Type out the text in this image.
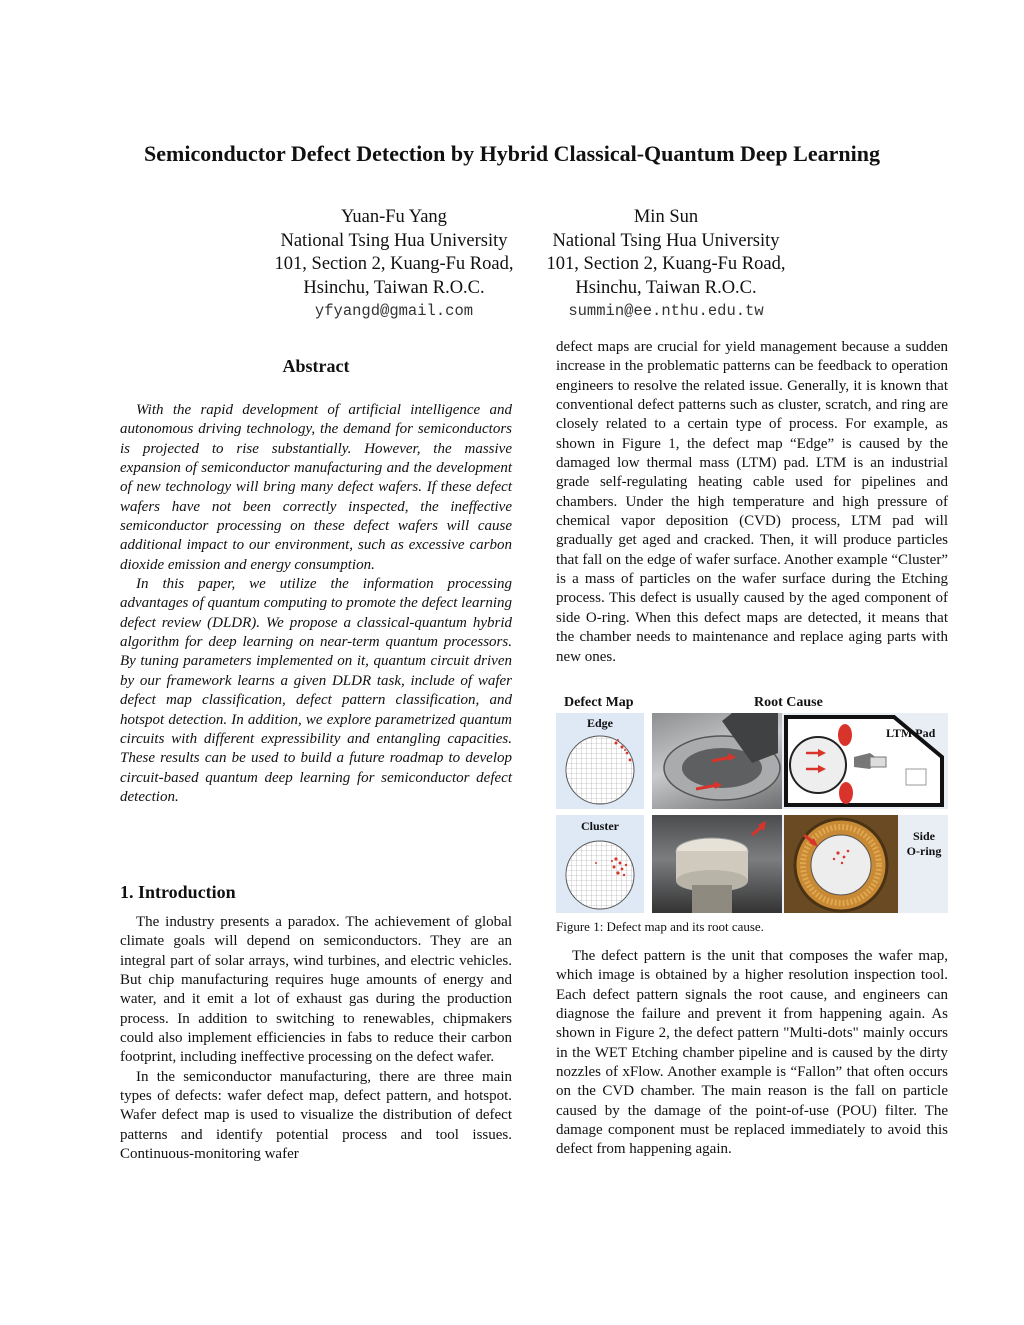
Semiconductor Defect Detection by Hybrid Classical-Quantum Deep Learning
Yuan-Fu Yang
National Tsing Hua University
101, Section 2, Kuang-Fu Road,
Hsinchu, Taiwan R.O.C.
yfyangd@gmail.com
Min Sun
National Tsing Hua University
101, Section 2, Kuang-Fu Road,
Hsinchu, Taiwan R.O.C.
summin@ee.nthu.edu.tw
Abstract

With the rapid development of artificial intelligence and autonomous driving technology, the demand for semiconductors is projected to rise substantially. However, the massive expansion of semiconductor manufacturing and the development of new technology will bring many defect wafers. If these defect wafers have not been correctly inspected, the ineffective semiconductor processing on these defect wafers will cause additional impact to our environment, such as excessive carbon dioxide emission and energy consumption.

In this paper, we utilize the information processing advantages of quantum computing to promote the defect learning defect review (DLDR). We propose a classical-quantum hybrid algorithm for deep learning on near-term quantum processors. By tuning parameters implemented on it, quantum circuit driven by our framework learns a given DLDR task, include of wafer defect map classification, defect pattern classification, and hotspot detection. In addition, we explore parametrized quantum circuits with different expressibility and entangling capacities. These results can be used to build a future roadmap to develop circuit-based quantum deep learning for semiconductor defect detection.

1. Introduction

The industry presents a paradox. The achievement of global climate goals will depend on semiconductors. They are an integral part of solar arrays, wind turbines, and electric vehicles. But chip manufacturing requires huge amounts of energy and water, and it emit a lot of exhaust gas during the production process. In addition to switching to renewables, chipmakers could also implement efficiencies in fabs to reduce their carbon footprint, including ineffective processing on the defect wafer.

In the semiconductor manufacturing, there are three main types of defects: wafer defect map, defect pattern, and hotspot. Wafer defect map is used to visualize the distribution of defect patterns and identify potential process and tool issues. Continuous-monitoring wafer

defect maps are crucial for yield management because a sudden increase in the problematic patterns can be feedback to operation engineers to resolve the related issue. Generally, it is known that conventional defect patterns such as cluster, scratch, and ring are closely related to a certain type of process. For example, as shown in Figure 1, the defect map “Edge” is caused by the damaged low thermal mass (LTM) pad. LTM is an industrial grade self-regulating heating cable used for pipelines and chambers. Under the high temperature and high pressure of chemical vapor deposition (CVD) process, LTM pad will gradually get aged and cracked. Then, it will produce particles that fall on the edge of wafer surface. Another example “Cluster” is a mass of particles on the wafer surface during the Etching process. This defect is usually caused by the aged component of side O-ring. When this defect maps are detected, it means that the chamber needs to maintenance and replace aging parts with new ones.

Defect Map	Root Cause
Edge
LTM Pad
Cluster
Side
O-ring
Figure 1: Defect map and its root cause.

The defect pattern is the unit that composes the wafer map, which image is obtained by a higher resolution inspection tool. Each defect pattern signals the root cause, and engineers can diagnose the failure and prevent it from happening again. As shown in Figure 2, the defect pattern "Multi-dots" mainly occurs in the WET Etching chamber pipeline and is caused by the dirty nozzles of xFlow. Another example is “Fallon” that often occurs on the CVD chamber. The main reason is the fall on particle caused by the damage of the point-of-use (POU) filter. The damage component must be replaced immediately to avoid this defect from happening again.
